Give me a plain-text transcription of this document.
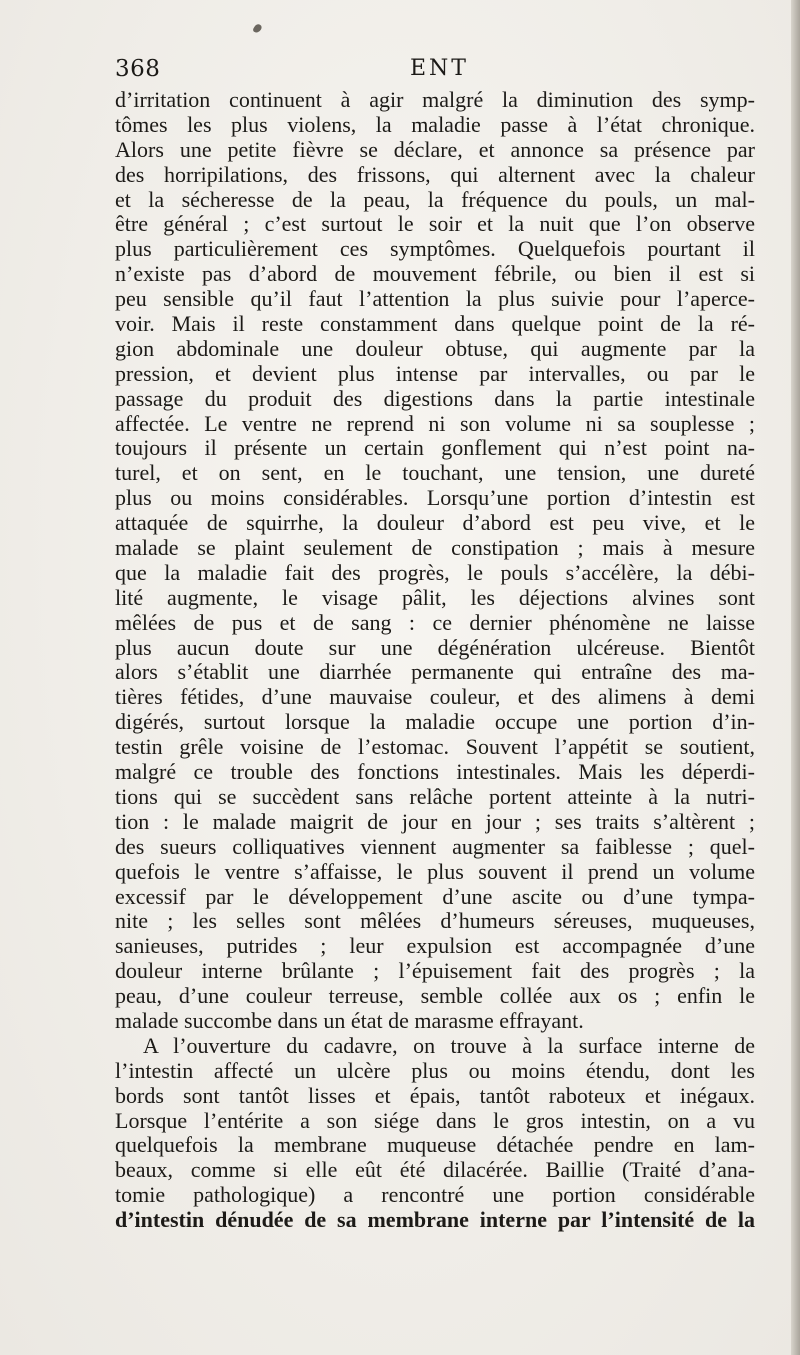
368	ENT
d’irritation continuent à agir malgré la diminution des symp-
tômes les plus violens, la maladie passe à l’état chronique.
Alors une petite fièvre se déclare, et annonce sa présence par
des horripilations, des frissons, qui alternent avec la chaleur
et la sécheresse de la peau, la fréquence du pouls, un mal-
être général ; c’est surtout le soir et la nuit que l’on observe
plus particulièrement ces symptômes. Quelquefois pourtant il
n’existe pas d’abord de mouvement fébrile, ou bien il est si
peu sensible qu’il faut l’attention la plus suivie pour l’aperce-
voir. Mais il reste constamment dans quelque point de la ré-
gion abdominale une douleur obtuse, qui augmente par la
pression, et devient plus intense par intervalles, ou par le
passage du produit des digestions dans la partie intestinale
affectée. Le ventre ne reprend ni son volume ni sa souplesse ;
toujours il présente un certain gonflement qui n’est point na-
turel, et on sent, en le touchant, une tension, une dureté
plus ou moins considérables. Lorsqu’une portion d’intestin est
attaquée de squirrhe, la douleur d’abord est peu vive, et le
malade se plaint seulement de constipation ; mais à mesure
que la maladie fait des progrès, le pouls s’accélère, la débi-
lité augmente, le visage pâlit, les déjections alvines sont
mêlées de pus et de sang : ce dernier phénomène ne laisse
plus aucun doute sur une dégénération ulcéreuse. Bientôt
alors s’établit une diarrhée permanente qui entraîne des ma-
tières fétides, d’une mauvaise couleur, et des alimens à demi
digérés, surtout lorsque la maladie occupe une portion d’in-
testin grêle voisine de l’estomac. Souvent l’appétit se soutient,
malgré ce trouble des fonctions intestinales. Mais les déperdi-
tions qui se succèdent sans relâche portent atteinte à la nutri-
tion : le malade maigrit de jour en jour ; ses traits s’altèrent ;
des sueurs colliquatives viennent augmenter sa faiblesse ; quel-
quefois le ventre s’affaisse, le plus souvent il prend un volume
excessif par le développement d’une ascite ou d’une tympa-
nite ; les selles sont mêlées d’humeurs séreuses, muqueuses,
sanieuses, putrides ; leur expulsion est accompagnée d’une
douleur interne brûlante ; l’épuisement fait des progrès ; la
peau, d’une couleur terreuse, semble collée aux os ; enfin le
malade succombe dans un état de marasme effrayant.
A l’ouverture du cadavre, on trouve à la surface interne de
l’intestin affecté un ulcère plus ou moins étendu, dont les
bords sont tantôt lisses et épais, tantôt raboteux et inégaux.
Lorsque l’entérite a son siége dans le gros intestin, on a vu
quelquefois la membrane muqueuse détachée pendre en lam-
beaux, comme si elle eût été dilacérée. Baillie (Traité d’ana-
tomie pathologique) a rencontré une portion considérable
d’intestin dénudée de sa membrane interne par l’intensité de la
